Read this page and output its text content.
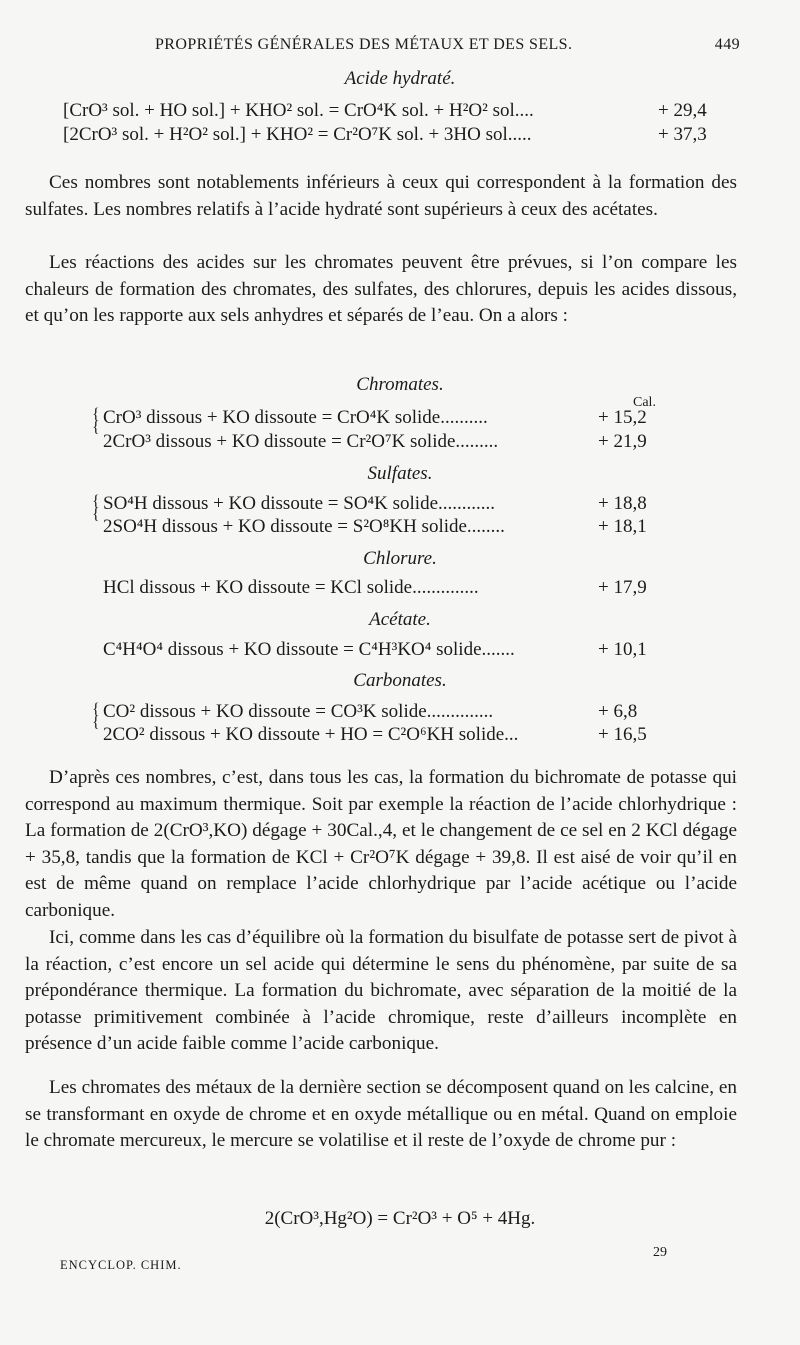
PROPRIÉTÉS GÉNÉRALES DES MÉTAUX ET DES SELS.	449
Acide hydraté.
[CrO³ sol. + HO sol.] + KHO² sol. = CrO⁴K sol. + H²O² sol....	+ 29,4
[2CrO³ sol. + H²O² sol.] + KHO² = Cr²O⁷K sol. + 3HO sol.....	+ 37,3
Ces nombres sont notablements inférieurs à ceux qui correspondent à la formation des sulfates. Les nombres relatifs à l’acide hydraté sont supérieurs à ceux des acétates.
Les réactions des acides sur les chromates peuvent être prévues, si l’on compare les chaleurs de formation des chromates, des sulfates, des chlorures, depuis les acides dissous, et qu’on les rapporte aux sels anhydres et séparés de l’eau. On a alors :
Chromates.
Cal.
{
{ CrO³ dissous + KO dissoute = CrO⁴K solide..........	+ 15,2
2CrO³ dissous + KO dissoute = Cr²O⁷K solide.........	+ 21,9
Sulfates.
{
{
SO⁴H dissous + KO dissoute = SO⁴K solide............	+ 18,8
2SO⁴H dissous + KO dissoute = S²O⁸KH solide........	+ 18,1
Chlorure.
HCl dissous + KO dissoute = KCl solide..............	+ 17,9
Acétate.
C⁴H⁴O⁴ dissous + KO dissoute = C⁴H³KO⁴ solide.......	+ 10,1
Carbonates.
{
{
CO² dissous + KO dissoute = CO³K solide..............	+ 6,8
2CO² dissous + KO dissoute + HO = C²O⁶KH solide...	+ 16,5
D’après ces nombres, c’est, dans tous les cas, la formation du bichromate de potasse qui correspond au maximum thermique. Soit par exemple la réaction de l’acide chlorhydrique : La formation de 2(CrO³,KO) dégage + 30Cal.,4, et le changement de ce sel en 2 KCl dégage + 35,8, tandis que la formation de KCl + Cr²O⁷K dégage + 39,8. Il est aisé de voir qu’il en est de même quand on remplace l’acide chlorhydrique par l’acide acétique ou l’acide carbonique.
Ici, comme dans les cas d’équilibre où la formation du bisulfate de potasse sert de pivot à la réaction, c’est encore un sel acide qui détermine le sens du phénomène, par suite de sa prépondérance thermique. La formation du bichromate, avec séparation de la moitié de la potasse primitivement combinée à l’acide chromique, reste d’ailleurs incomplète en présence d’un acide faible comme l’acide carbonique.
Les chromates des métaux de la dernière section se décomposent quand on les calcine, en se transformant en oxyde de chrome et en oxyde métallique ou en métal. Quand on emploie le chromate mercureux, le mercure se volatilise et il reste de l’oxyde de chrome pur :
2(CrO³,Hg²O) = Cr²O³ + O⁵ + 4Hg.
ENCYCLOP. CHIM.
29
